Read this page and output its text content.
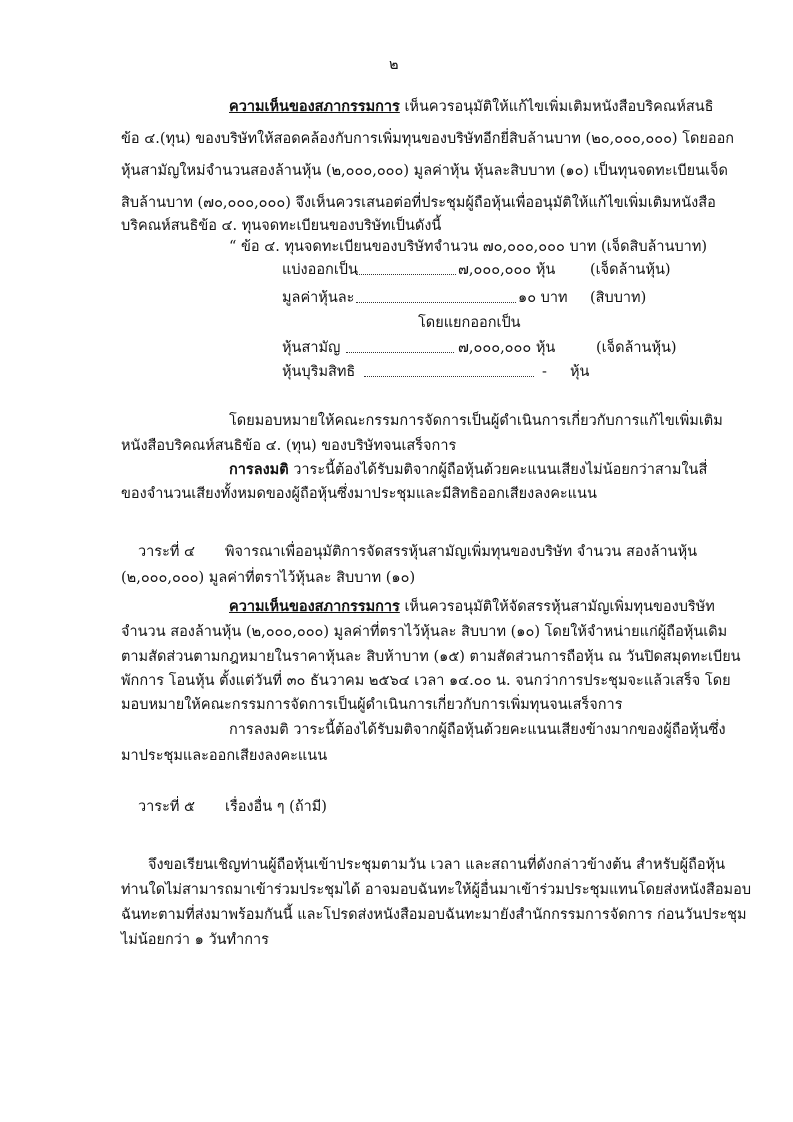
๒
ความเห็นของสภากรรมการ เห็นควรอนุมัติให้แก้ไขเพิ่มเติมหนังสือบริคณห์สนธิ
ข้อ ๔.(ทุน) ของบริษัทให้สอดคล้องกับการเพิ่มทุนของบริษัทอีกยี่สิบล้านบาท (๒๐,๐๐๐,๐๐๐) โดยออก
หุ้นสามัญใหม่จำนวนสองล้านหุ้น (๒,๐๐๐,๐๐๐) มูลค่าหุ้น หุ้นละสิบบาท (๑๐) เป็นทุนจดทะเบียนเจ็ด
สิบล้านบาท (๗๐,๐๐๐,๐๐๐) จึงเห็นควรเสนอต่อที่ประชุมผู้ถือหุ้นเพื่ออนุมัติให้แก้ไขเพิ่มเติมหนังสือ
บริคณห์สนธิข้อ ๔. ทุนจดทะเบียนของบริษัทเป็นดังนี้
“ ข้อ ๔. ทุนจดทะเบียนของบริษัทจำนวน ๗๐,๐๐๐,๐๐๐ บาท (เจ็ดสิบล้านบาท)
แบ่งออกเป็น	๗,๐๐๐,๐๐๐ หุ้น (เจ็ดล้านหุ้น)
มูลค่าหุ้นละ	๑๐ บาท (สิบบาท)
โดยแยกออกเป็น
หุ้นสามัญ	๗,๐๐๐,๐๐๐ หุ้น	(เจ็ดล้านหุ้น)
หุ้นบุริมสิทธิ	- หุ้น
โดยมอบหมายให้คณะกรรมการจัดการเป็นผู้ดำเนินการเกี่ยวกับการแก้ไขเพิ่มเติม
หนังสือบริคณห์สนธิข้อ ๔. (ทุน) ของบริษัทจนเสร็จการ
การลงมติ วาระนี้ต้องได้รับมติจากผู้ถือหุ้นด้วยคะแนนเสียงไม่น้อยกว่าสามในสี่
ของจำนวนเสียงทั้งหมดของผู้ถือหุ้นซึ่งมาประชุมและมีสิทธิออกเสียงลงคะแนน
วาระที่ ๔ พิจารณาเพื่ออนุมัติการจัดสรรหุ้นสามัญเพิ่มทุนของบริษัท จำนวน สองล้านหุ้น
(๒,๐๐๐,๐๐๐) มูลค่าที่ตราไว้หุ้นละ สิบบาท (๑๐)
ความเห็นของสภากรรมการ เห็นควรอนุมัติให้จัดสรรหุ้นสามัญเพิ่มทุนของบริษัท
จำนวน สองล้านหุ้น (๒,๐๐๐,๐๐๐) มูลค่าที่ตราไว้หุ้นละ สิบบาท (๑๐) โดยให้จำหน่ายแก่ผู้ถือหุ้นเดิม
ตามสัดส่วนตามกฎหมายในราคาหุ้นละ สิบห้าบาท (๑๕) ตามสัดส่วนการถือหุ้น ณ วันปิดสมุดทะเบียน
พักการ โอนหุ้น ตั้งแต่วันที่ ๓๐ ธันวาคม ๒๕๖๔ เวลา ๑๔.๐๐ น. จนกว่าการประชุมจะแล้วเสร็จ โดย
มอบหมายให้คณะกรรมการจัดการเป็นผู้ดำเนินการเกี่ยวกับการเพิ่มทุนจนเสร็จการ
การลงมติ วาระนี้ต้องได้รับมติจากผู้ถือหุ้นด้วยคะแนนเสียงข้างมากของผู้ถือหุ้นซึ่ง
มาประชุมและออกเสียงลงคะแนน
วาระที่ ๕ เรื่องอื่น ๆ (ถ้ามี)
จึงขอเรียนเชิญท่านผู้ถือหุ้นเข้าประชุมตามวัน เวลา และสถานที่ดังกล่าวข้างต้น สำหรับผู้ถือหุ้น
ท่านใดไม่สามารถมาเข้าร่วมประชุมได้ อาจมอบฉันทะให้ผู้อื่นมาเข้าร่วมประชุมแทนโดยส่งหนังสือมอบ
ฉันทะตามที่ส่งมาพร้อมกันนี้ และโปรดส่งหนังสือมอบฉันทะมายังสำนักกรรมการจัดการ ก่อนวันประชุม
ไม่น้อยกว่า ๑ วันทำการ
